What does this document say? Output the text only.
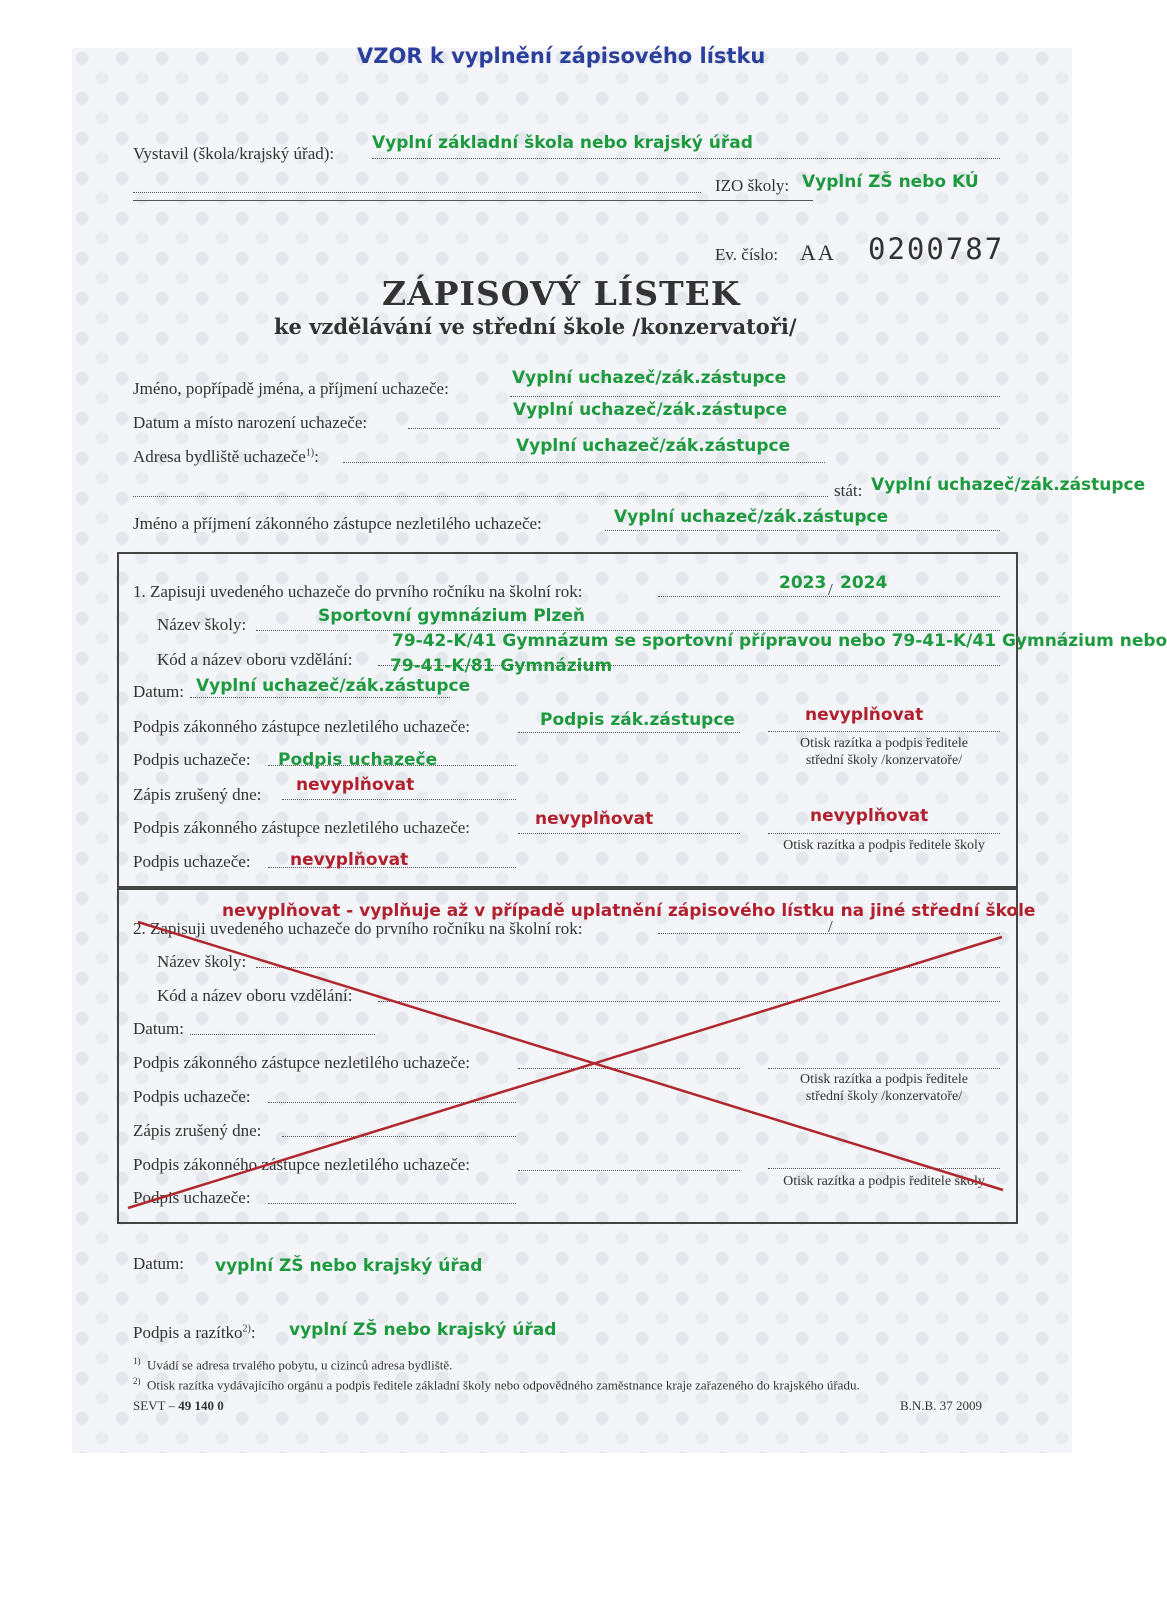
VZOR k vyplnění zápisového lístku
Vystavil (škola/krajský úřad):
Vyplní základní škola nebo krajský úřad
IZO školy: Vyplní ZŠ nebo KÚ
Ev. číslo: AA 0200787
ZÁPISOVÝ LÍSTEK
ke vzdělávání ve střední škole /konzervatoři/
Jméno, popřípadě jména, a příjmení uchazeče:
Vyplní uchazeč/zák.zástupce
Datum a místo narození uchazeče:
Vyplní uchazeč/zák.zástupce
Adresa bydliště uchazeče$^{1)}$:
Vyplní uchazeč/zák.zástupce
stát: Vyplní uchazeč/zák.zástupce
Jméno a příjmení zákonného zástupce nezletilého uchazeče:	Vyplní uchazeč/zák.zástupce
1. Zapisuji uvedeného uchazeče do prvního ročníku na školní rok:	2023 / 2024
Název školy:	Sportovní gymnázium Plzeň
Kód a název oboru vzdělání:
79-42-K/41 Gymnázum se sportovní přípravou nebo 79-41-K/41 Gymnázium nebo
79-41-K/81 Gymnázium
Datum: Vyplní uchazeč/zák.zástupce
Podpis zákonného zástupce nezletilého uchazeče:	Podpis zák.zástupce	nevyplňovat
Otisk razítka a podpis ředitele
střední školy /konzervatoře/
Podpis uchazeče: Podpis uchazeče
Zápis zrušený dne: nevyplňovat
Podpis zákonného zástupce nezletilého uchazeče:	nevyplňovat	nevyplňovat
Otisk razítka a podpis ředitele školy
Podpis uchazeče: nevyplňovat
nevyplňovat - vyplňuje až v případě uplatnění zápisového lístku na jiné střední škole
2. Zapisuji uvedeného uchazeče do prvního ročníku na školní rok:	/
Název školy:
Kód a název oboru vzdělání:
Datum:
Podpis zákonného zástupce nezletilého uchazeče:
Otisk razítka a podpis ředitele
střední školy /konzervatoře/
Podpis uchazeče:
Zápis zrušený dne:
Podpis zákonného zástupce nezletilého uchazeče:
Otisk razítka a podpis ředitele školy
Podpis uchazeče:
Datum: vyplní ZŠ nebo krajský úřad
Podpis a razítko$^{2)}$: vyplní ZŠ nebo krajský úřad
$^{1)}$ Uvádí se adresa trvalého pobytu, u cizinců adresa bydliště.
$^{2)}$ Otisk razítka vydávajícího orgánu a podpis ředitele základní školy nebo odpovědného zaměstnance kraje zařazeného do krajského úřadu.
SEVT – 49 140 0	B.N.B. 37 2009
